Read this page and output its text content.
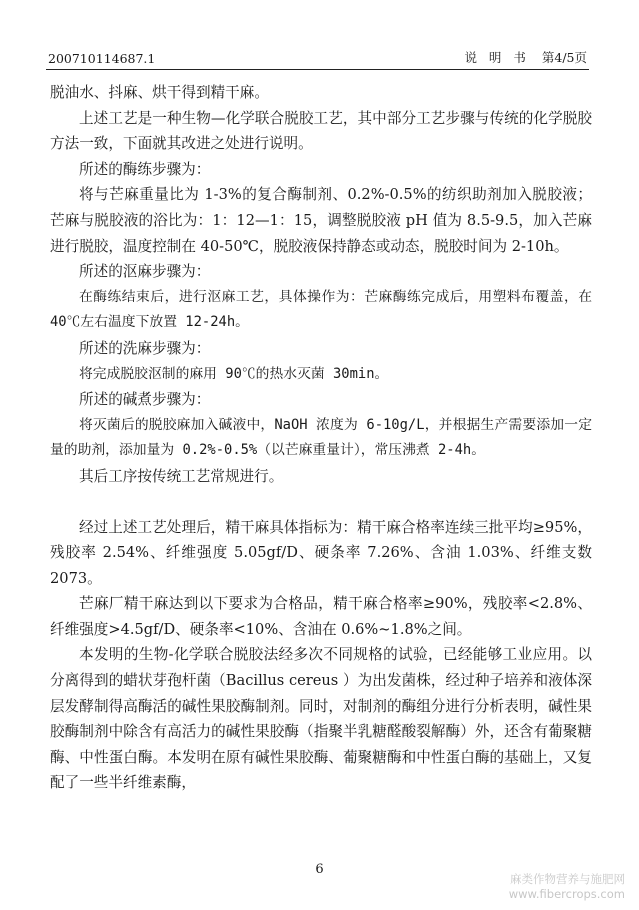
200710114687.1	说 明 书 第4/5页

脱油水、抖麻、烘干得到精干麻。

上述工艺是一种生物—化学联合脱胶工艺，其中部分工艺步骤与传统的化学脱胶方法一致，下面就其改进之处进行说明。

所述的酶练步骤为：

将与芒麻重量比为 1-3%的复合酶制剂、0.2%-0.5%的纺织助剂加入脱胶液；芒麻与脱胶液的浴比为：1：12—1：15，调整脱胶液 pH 值为 8.5-9.5，加入芒麻进行脱胶，温度控制在 40-50℃，脱胶液保持静态或动态，脱胶时间为 2-10h。

所述的沤麻步骤为：

在酶练结束后，进行沤麻工艺，具体操作为：芒麻酶练完成后，用塑料布覆盖，在 40℃左右温度下放置 12-24h。

所述的洗麻步骤为：

将完成脱胶沤制的麻用 90℃的热水灭菌 30min。

所述的碱煮步骤为：

将灭菌后的脱胶麻加入碱液中，NaOH 浓度为 6-10g/L，并根据生产需要添加一定量的助剂，添加量为 0.2%-0.5%（以芒麻重量计），常压沸煮 2-4h。

其后工序按传统工艺常规进行。

经过上述工艺处理后，精干麻具体指标为：精干麻合格率连续三批平均≥95%，残胶率 2.54%、纤维强度 5.05gf/D、硬条率 7.26%、含油 1.03%、纤维支数 2073。

芒麻厂精干麻达到以下要求为合格品，精干麻合格率≥90%，残胶率<2.8%、纤维强度>4.5gf/D、硬条率<10%、含油在 0.6%~1.8%之间。

本发明的生物-化学联合脱胶法经多次不同规格的试验，已经能够工业应用。以分离得到的蜡状芽孢杆菌（Bacillus cereus ）为出发菌株，经过种子培养和液体深层发酵制得高酶活的碱性果胶酶制剂。同时，对制剂的酶组分进行分析表明，碱性果胶酶制剂中除含有高活力的碱性果胶酶（指聚半乳糖醛酸裂解酶）外，还含有葡聚糖酶、中性蛋白酶。本发明在原有碱性果胶酶、葡聚糖酶和中性蛋白酶的基础上，又复配了一些半纤维素酶，

6
麻类作物营养与施肥网
www.fibercrops.com
